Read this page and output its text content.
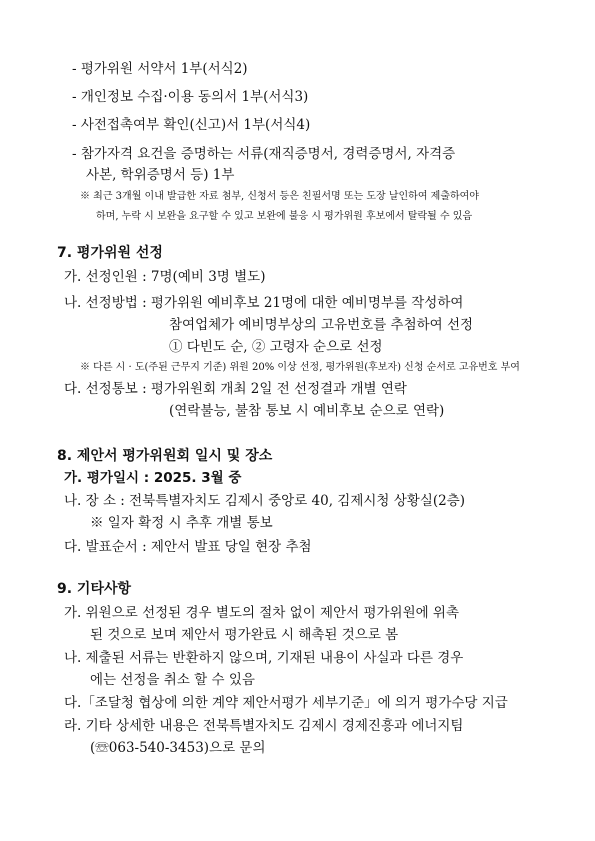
- 평가위원 서약서 1부(서식2)
- 개인정보 수집·이용 동의서 1부(서식3)
- 사전접촉여부 확인(신고)서 1부(서식4)
- 참가자격 요건을 증명하는 서류(재직증명서, 경력증명서, 자격증
사본, 학위증명서 등) 1부
※ 최근 3개월 이내 발급한 자료 첨부, 신청서 등은 친필서명 또는 도장 날인하여 제출하여야
하며, 누락 시 보완을 요구할 수 있고 보완에 불응 시 평가위원 후보에서 탈락될 수 있음
7. 평가위원 선정
가. 선정인원 : 7명(예비 3명 별도)
나. 선정방법 : 평가위원 예비후보 21명에 대한 예비명부를 작성하여
참여업체가 예비명부상의 고유번호를 추첨하여 선정
① 다빈도 순, ② 고령자 순으로 선정
※ 다른 시 · 도(주된 근무지 기준) 위원 20% 이상 선정, 평가위원(후보자) 신청 순서로 고유번호 부여
다. 선정통보 : 평가위원회 개최 2일 전 선정결과 개별 연락
(연락불능, 불참 통보 시 예비후보 순으로 연락)
8. 제안서 평가위원회 일시 및 장소
가. 평가일시 : 2025. 3월 중
나. 장 소 : 전북특별자치도 김제시 중앙로 40, 김제시청 상황실(2층)
※ 일자 확정 시 추후 개별 통보
다. 발표순서 : 제안서 발표 당일 현장 추첨
9. 기타사항
가. 위원으로 선정된 경우 별도의 절차 없이 제안서 평가위원에 위촉
된 것으로 보며 제안서 평가완료 시 해촉된 것으로 봄
나. 제출된 서류는 반환하지 않으며, 기재된 내용이 사실과 다른 경우
에는 선정을 취소 할 수 있음
다.「조달청 협상에 의한 계약 제안서평가 세부기준」에 의거 평가수당 지급
라. 기타 상세한 내용은 전북특별자치도 김제시 경제진흥과 에너지팀
(☏063-540-3453)으로 문의
